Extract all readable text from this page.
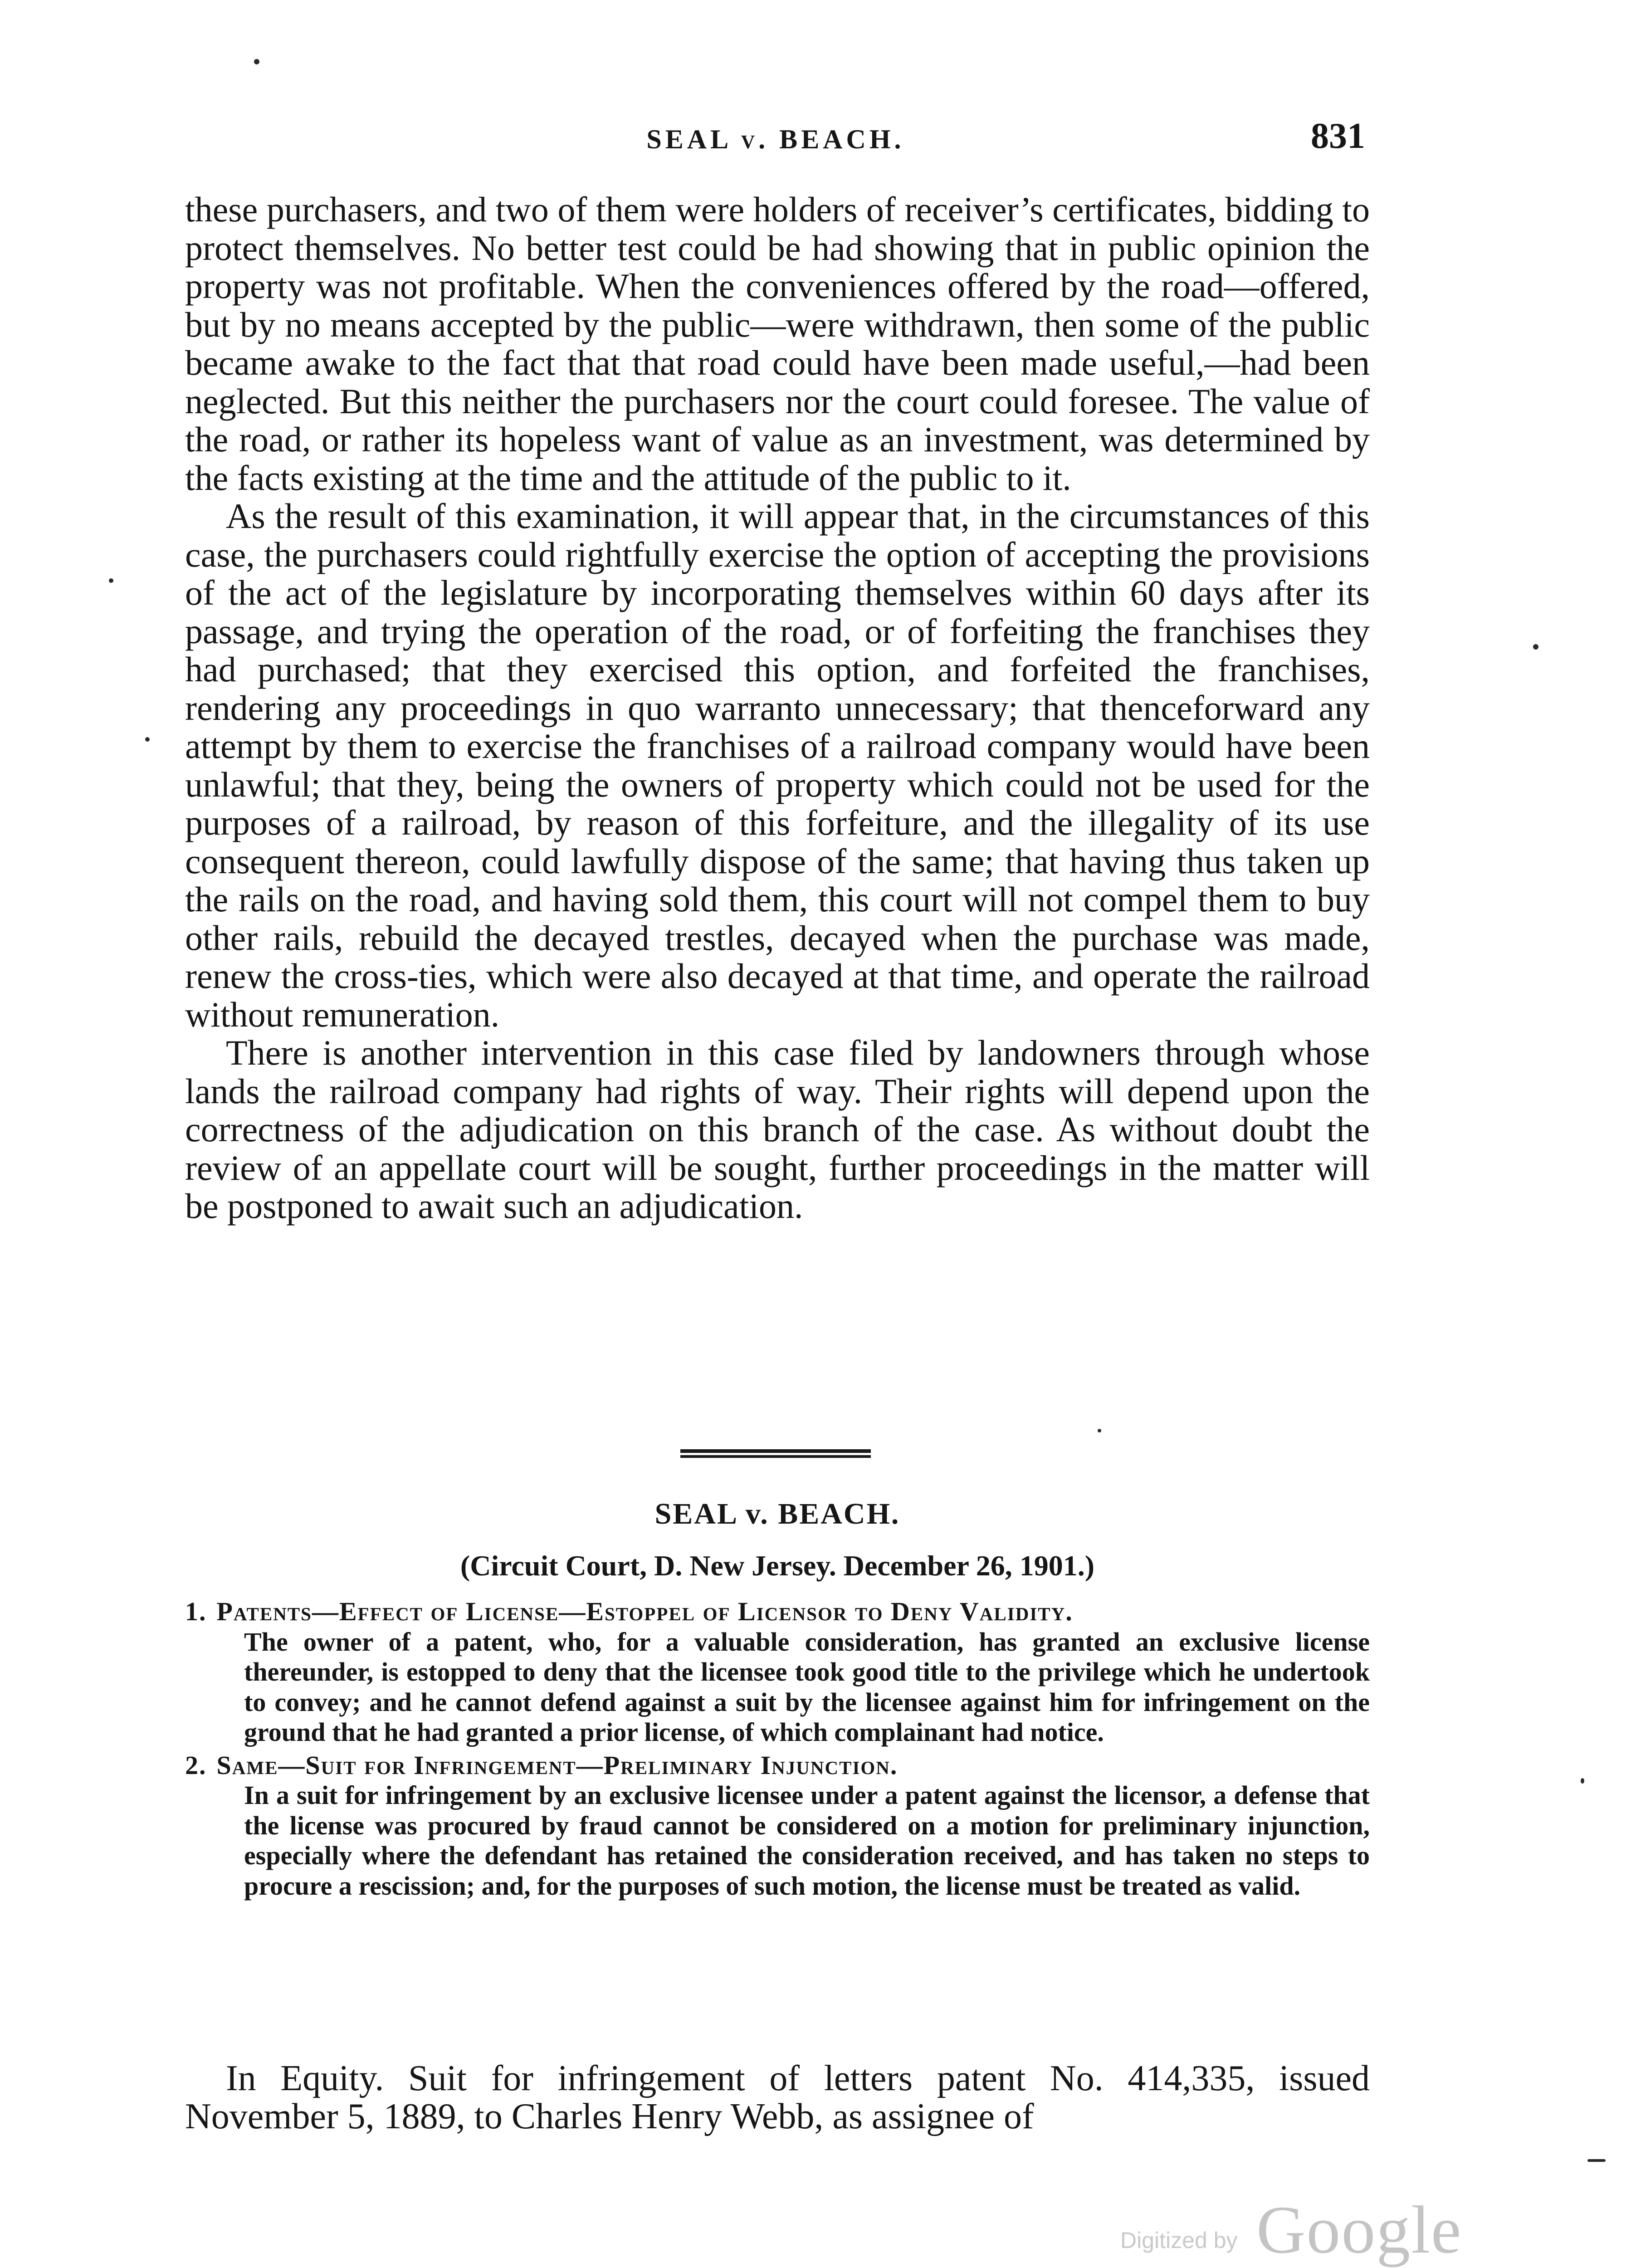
SEAL v. BEACH.	831

these purchasers, and two of them were holders of receiver’s certificates, bidding to protect themselves. No better test could be had showing that in public opinion the property was not profitable. When the conveniences offered by the road—offered, but by no means accepted by the public—were withdrawn, then some of the public became awake to the fact that that road could have been made useful,—had been neglected. But this neither the purchasers nor the court could foresee. The value of the road, or rather its hopeless want of value as an investment, was determined by the facts existing at the time and the attitude of the public to it.

As the result of this examination, it will appear that, in the circumstances of this case, the purchasers could rightfully exercise the option of accepting the provisions of the act of the legislature by incorporating themselves within 60 days after its passage, and trying the operation of the road, or of forfeiting the franchises they had purchased; that they exercised this option, and forfeited the franchises, rendering any proceedings in quo warranto unnecessary; that thenceforward any attempt by them to exercise the franchises of a railroad company would have been unlawful; that they, being the owners of property which could not be used for the purposes of a railroad, by reason of this forfeiture, and the illegality of its use consequent thereon, could lawfully dispose of the same; that having thus taken up the rails on the road, and having sold them, this court will not compel them to buy other rails, rebuild the decayed trestles, decayed when the purchase was made, renew the cross-ties, which were also decayed at that time, and operate the railroad without remuneration.

There is another intervention in this case filed by landowners through whose lands the railroad company had rights of way. Their rights will depend upon the correctness of the adjudication on this branch of the case. As without doubt the review of an appellate court will be sought, further proceedings in the matter will be postponed to await such an adjudication.

SEAL v. BEACH.
(Circuit Court, D. New Jersey. December 26, 1901.)
1. Patents—Effect of License—Estoppel of Licensor to Deny Validity.
The owner of a patent, who, for a valuable consideration, has granted an exclusive license thereunder, is estopped to deny that the licensee took good title to the privilege which he undertook to convey; and he cannot defend against a suit by the licensee against him for infringement on the ground that he had granted a prior license, of which complainant had notice.
2. Same—Suit for Infringement—Preliminary Injunction.
In a suit for infringement by an exclusive licensee under a patent against the licensor, a defense that the license was procured by fraud cannot be considered on a motion for preliminary injunction, especially where the defendant has retained the consideration received, and has taken no steps to procure a rescission; and, for the purposes of such motion, the license must be treated as valid.

In Equity. Suit for infringement of letters patent No. 414,335, issued November 5, 1889, to Charles Henry Webb, as assignee of

Digitized by Google
